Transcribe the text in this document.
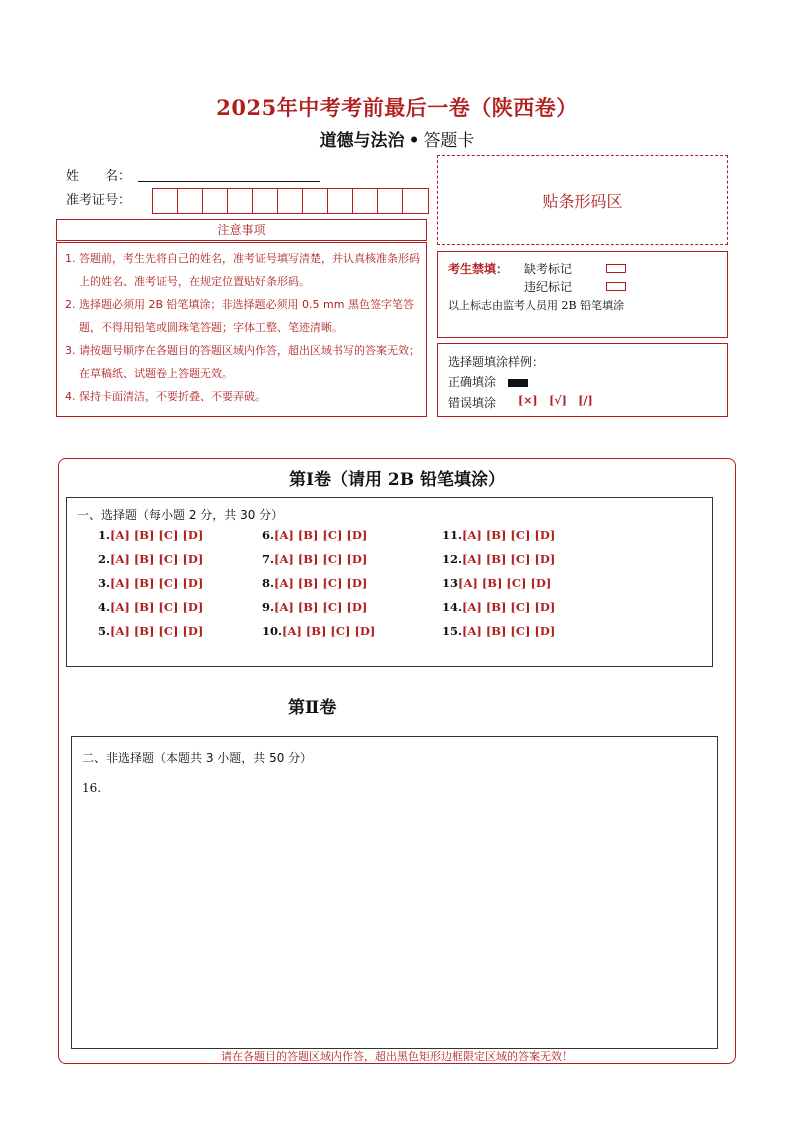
2025年中考考前最后一卷（陕西卷）
道德与法治 • 答题卡
姓　　名：
准考证号：	贴条形码区
注意事项
1. 答题前，考生先将自己的姓名，准考证号填写清楚，并认真核准条形码上的姓名、准考证号，在规定位置贴好条形码。
2. 选择题必须用 2B 铅笔填涂；非选择题必须用 0.5 mm 黑色签字笔答题，不得用铅笔或圆珠笔答题；字体工整、笔迹清晰。
3. 请按题号顺序在各题目的答题区域内作答，超出区域书写的答案无效；在草稿纸、试题卷上答题无效。
4. 保持卡面清洁，不要折叠、不要弄破。
考生禁填： 缺考标记
违纪标记
以上标志由监考人员用 2B 铅笔填涂
选择题填涂样例：
正确填涂
错误填涂 [×] [√] [/]
第Ⅰ卷（请用 2B 铅笔填涂）
一、选择题（每小题 2 分，共 30 分）
1.[A] [B] [C] [D]
2.[A] [B] [C] [D]
3.[A] [B] [C] [D]
4.[A] [B] [C] [D]
5.[A] [B] [C] [D]
6.[A] [B] [C] [D]
7.[A] [B] [C] [D]
8.[A] [B] [C] [D]
9.[A] [B] [C] [D]
10.[A] [B] [C] [D]
11.[A] [B] [C] [D]
12.[A] [B] [C] [D]
13[A] [B] [C] [D]
14.[A] [B] [C] [D]
15.[A] [B] [C] [D]
第Ⅱ卷
二、非选择题（本题共 3 小题，共 50 分）
16.
请在各题目的答题区域内作答，超出黑色矩形边框限定区域的答案无效！
